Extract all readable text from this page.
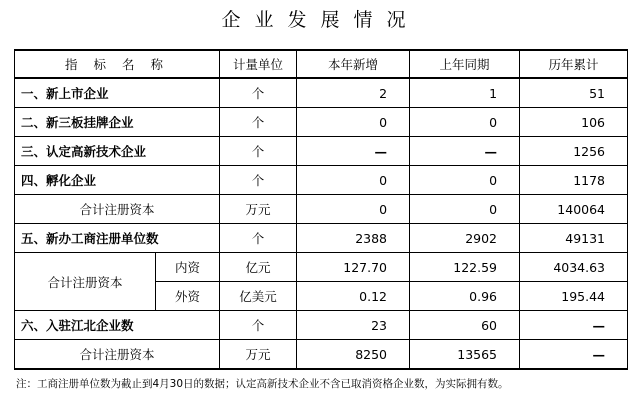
企业发展情况
指 标 名 称		计量单位	本年新增	上年同期	历年累计
一、新上市企业		个	2	1	51
二、新三板挂牌企业		个	0	0	106
三、认定高新技术企业		个	—	—	1256
四、孵化企业		个	0	0	1178
合计注册资本		万元	0	0	140064
五、新办工商注册单位数		个	2388	2902	49131
合计注册资本	内资	亿元	127.70	122.59	4034.63
	外资	亿美元	0.12	0.96	195.44
六、入驻江北企业数		个	23	60	—
合计注册资本		万元	8250	13565	—
注：工商注册单位数为截止到4月30日的数据；认定高新技术企业不含已取消资格企业数，为实际拥有数。
